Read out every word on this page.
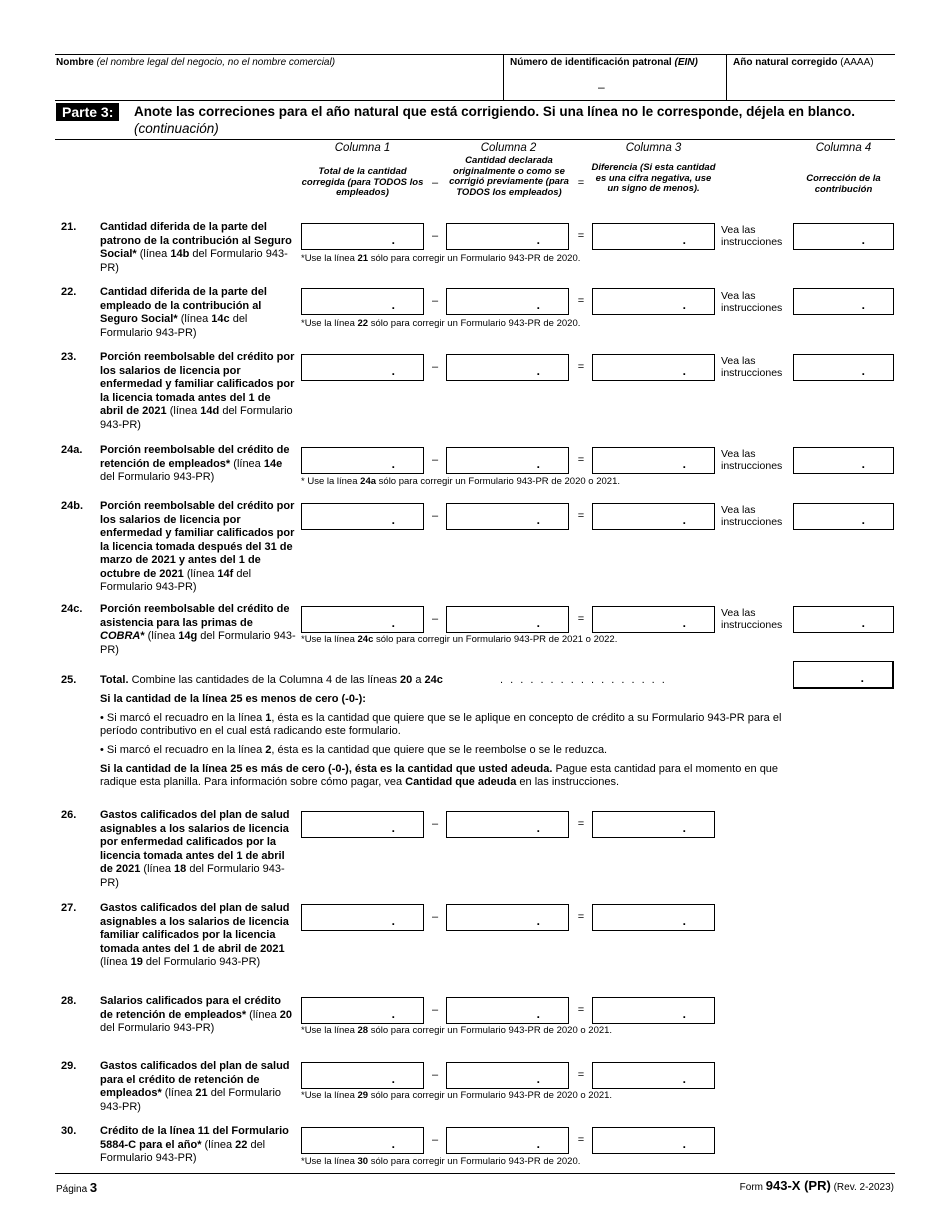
Nombre (el nombre legal del negocio, no el nombre comercial)	Número de identificación patronal (EIN)
–
Año natural corregido (AAAA)
Parte 3:	Anote las correciones para el año natural que está corrigiendo. Si una línea no le corresponde, déjela en blanco.
(continuación)
Columna 1	Columna 2	Columna 3	Columna 4
Total de la cantidad corregida (para TODOS los empleados)
–
Cantidad declarada originalmente o como se corrigió previamente (para TODOS los empleados)
=
Diferencia (Si esta cantidad es una cifra negativa, use un signo de menos).
Corrección de la contribución
21. Cantidad diferida de la parte del patrono de la contribución al Seguro Social* (línea 14b del Formulario 943-PR)
.	–	.	=	.
Vea las instrucciones	.
*Use la línea 21 sólo para corregir un Formulario 943-PR de 2020.
22. Cantidad diferida de la parte del empleado de la contribución al Seguro Social* (línea 14c del Formulario 943-PR)
.	–	.	=	.
Vea las instrucciones	.
*Use la línea 22 sólo para corregir un Formulario 943-PR de 2020.
23. Porción reembolsable del crédito por los salarios de licencia por enfermedad y familiar calificados por la licencia tomada antes del 1 de abril de 2021 (línea 14d del Formulario 943-PR)
.	–	.	=	.
Vea las instrucciones	.
24a. Porción reembolsable del crédito de retención de empleados* (línea 14e del Formulario 943-PR)
.	–	.	=	.
Vea las instrucciones	.
* Use la línea 24a sólo para corregir un Formulario 943-PR de 2020 o 2021.
24b. Porción reembolsable del crédito por los salarios de licencia por enfermedad y familiar calificados por la licencia tomada después del 31 de marzo de 2021 y antes del 1 de octubre de 2021 (línea 14f del Formulario 943-PR)
.	–	.	=	.
Vea las instrucciones	.
24c. Porción reembolsable del crédito de asistencia para las primas de COBRA* (línea 14g del Formulario 943-PR)
.	–	.	=	.
Vea las instrucciones	.
*Use la línea 24c sólo para corregir un Formulario 943-PR de 2021 o 2022.
25. Total. Combine las cantidades de la Columna 4 de las líneas 20 a 24c	. . . . . . . . . . . . . . . . .	.
Si la cantidad de la línea 25 es menos de cero (-0-):
• Si marcó el recuadro en la línea 1, ésta es la cantidad que quiere que se le aplique en concepto de crédito a su Formulario 943-PR para el período contributivo en el cual está radicando este formulario.
• Si marcó el recuadro en la línea 2, ésta es la cantidad que quiere que se le reembolse o se le reduzca.
Si la cantidad de la línea 25 es más de cero (-0-), ésta es la cantidad que usted adeuda. Pague esta cantidad para el momento en que radique esta planilla. Para información sobre cómo pagar, vea Cantidad que adeuda en las instrucciones.
26. Gastos calificados del plan de salud asignables a los salarios de licencia por enfermedad calificados por la licencia tomada antes del 1 de abril de 2021 (línea 18 del Formulario 943-PR)
.	–	.	=	.
27. Gastos calificados del plan de salud asignables a los salarios de licencia familiar calificados por la licencia tomada antes del 1 de abril de 2021 (línea 19 del Formulario 943-PR)
.	–	.	=	.
28. Salarios calificados para el crédito de retención de empleados* (línea 20 del Formulario 943-PR)
.	–	.	=	.
*Use la línea 28 sólo para corregir un Formulario 943-PR de 2020 o 2021.
29. Gastos calificados del plan de salud para el crédito de retención de empleados* (línea 21 del Formulario 943-PR)
.	–	.	=	.
*Use la línea 29 sólo para corregir un Formulario 943-PR de 2020 o 2021.
30. Crédito de la línea 11 del Formulario 5884-C para el año* (línea 22 del Formulario 943-PR)
.	–	.	=	.
*Use la línea 30 sólo para corregir un Formulario 943-PR de 2020.
Página 3	Form 943-X (PR) (Rev. 2-2023)
